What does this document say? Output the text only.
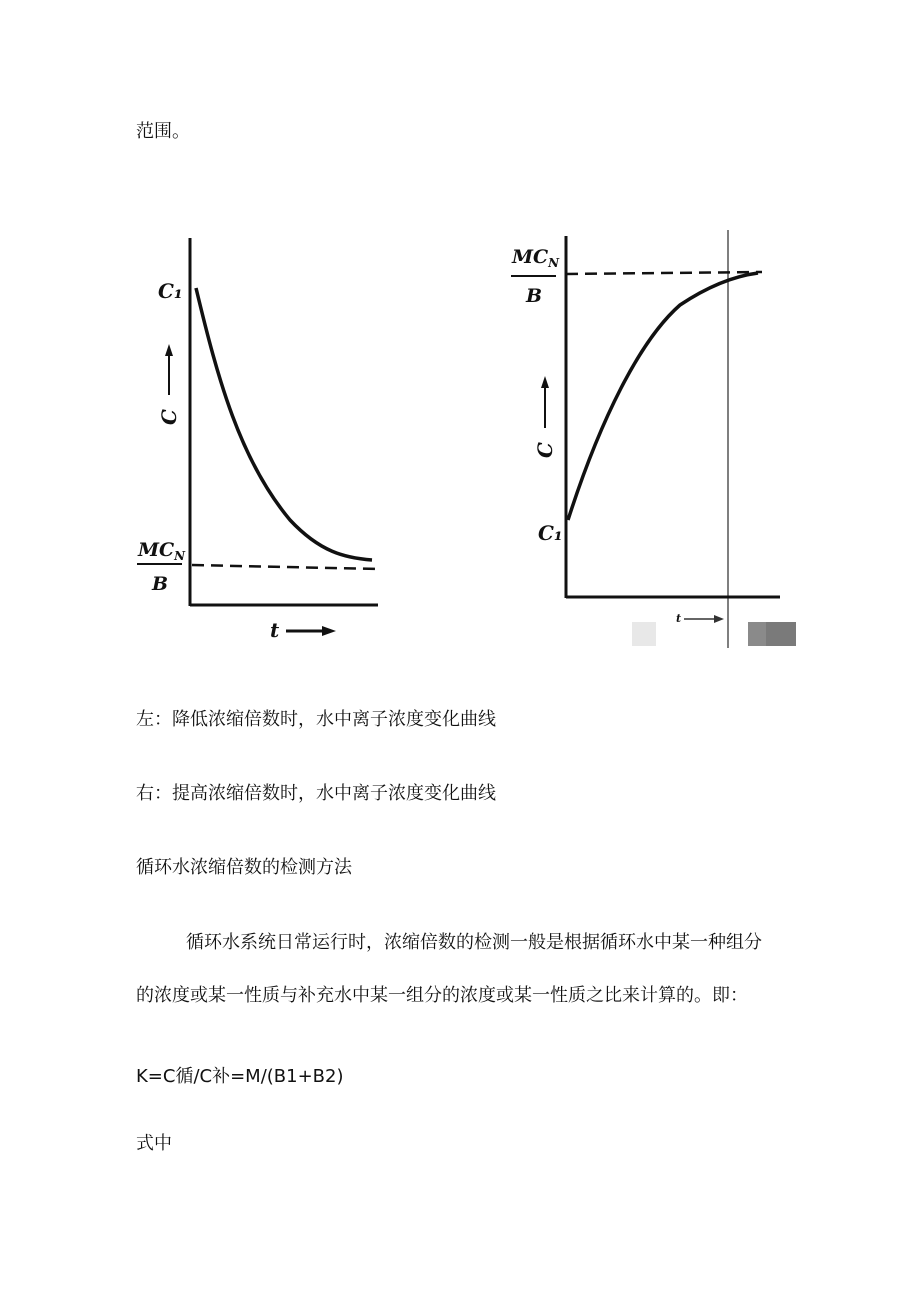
范围。

C₁
C
$MC_N$
B
t
$MC_N$
B
C
C₁
t

左：降低浓缩倍数时，水中离子浓度变化曲线

右：提高浓缩倍数时，水中离子浓度变化曲线

循环水浓缩倍数的检测方法

循环水系统日常运行时，浓缩倍数的检测一般是根据循环水中某一种组分

的浓度或某一性质与补充水中某一组分的浓度或某一性质之比来计算的。即：

K=C循/C补=M/(B1+B2)

式中
